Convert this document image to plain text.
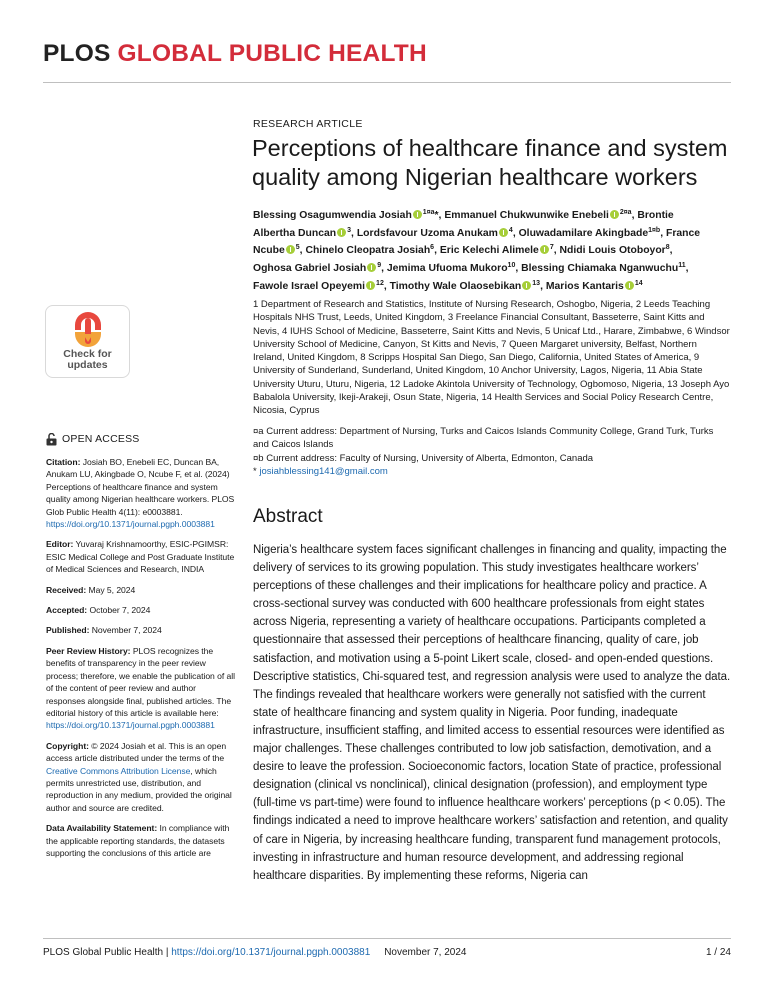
PLOS GLOBAL PUBLIC HEALTH
Check for
updates
OPEN ACCESS
Citation: Josiah BO, Enebeli EC, Duncan BA, Anukam LU, Akingbade O, Ncube F, et al. (2024) Perceptions of healthcare finance and system quality among Nigerian healthcare workers. PLOS Glob Public Health 4(11): e0003881. https://doi.org/10.1371/journal.pgph.0003881
Editor: Yuvaraj Krishnamoorthy, ESIC-PGIMSR: ESIC Medical College and Post Graduate Institute of Medical Sciences and Research, INDIA
Received: May 5, 2024
Accepted: October 7, 2024
Published: November 7, 2024
Peer Review History: PLOS recognizes the benefits of transparency in the peer review process; therefore, we enable the publication of all of the content of peer review and author responses alongside final, published articles. The editorial history of this article is available here: https://doi.org/10.1371/journal.pgph.0003881
Copyright: © 2024 Josiah et al. This is an open access article distributed under the terms of the Creative Commons Attribution License, which permits unrestricted use, distribution, and reproduction in any medium, provided the original author and source are credited.
Data Availability Statement: In compliance with the applicable reporting standards, the datasets supporting the conclusions of this article are
RESEARCH ARTICLE
Perceptions of healthcare finance and system quality among Nigerian healthcare workers
Blessing Osagumwendia Josiah $^{1¤a}$*, Emmanuel Chukwunwike Enebeli $^{2¤a}$, Brontie Albertha Duncan $^3$, Lordsfavour Uzoma Anukam $^4$, Oluwadamilare Akingbade$^{1¤b}$, France Ncube $^5$, Chinelo Cleopatra Josiah$^6$, Eric Kelechi Alimele $^7$, Ndidi Louis Otoboyor$^8$, Oghosa Gabriel Josiah $^9$, Jemima Ufuoma Mukoro$^{10}$, Blessing Chiamaka Nganwuchu$^{11}$, Fawole Israel Opeyemi $^{12}$, Timothy Wale Olaosebikan $^{13}$, Marios Kantaris $^{14}$
1 Department of Research and Statistics, Institute of Nursing Research, Oshogbo, Nigeria, 2 Leeds Teaching Hospitals NHS Trust, Leeds, United Kingdom, 3 Freelance Financial Consultant, Basseterre, Saint Kitts and Nevis, 4 IUHS School of Medicine, Basseterre, Saint Kitts and Nevis, 5 Unicaf Ltd., Harare, Zimbabwe, 6 Windsor University School of Medicine, Canyon, St Kitts and Nevis, 7 Queen Margaret university, Belfast, Northern Ireland, United Kingdom, 8 Scripps Hospital San Diego, San Diego, California, United States of America, 9 University of Sunderland, Sunderland, United Kingdom, 10 Anchor University, Lagos, Nigeria, 11 Abia State University Uturu, Uturu, Nigeria, 12 Ladoke Akintola University of Technology, Ogbomoso, Nigeria, 13 Joseph Ayo Babalola University, Ikeji-Arakeji, Osun State, Nigeria, 14 Health Services and Social Policy Research Centre, Nicosia, Cyprus
¤a Current address: Department of Nursing, Turks and Caicos Islands Community College, Grand Turk, Turks and Caicos Islands
¤b Current address: Faculty of Nursing, University of Alberta, Edmonton, Canada
* josiahblessing141@gmail.com
Abstract

Nigeria’s healthcare system faces significant challenges in financing and quality, impacting the delivery of services to its growing population. This study investigates healthcare workers’ perceptions of these challenges and their implications for healthcare policy and practice. A cross-sectional survey was conducted with 600 healthcare professionals from eight states across Nigeria, representing a variety of healthcare occupations. Participants completed a questionnaire that assessed their perceptions of healthcare financing, quality of care, job satisfaction, and motivation using a 5-point Likert scale, closed- and open-ended questions. Descriptive statistics, Chi-squared test, and regression analysis were used to analyze the data. The findings revealed that healthcare workers were generally not satisfied with the current state of healthcare financing and system quality in Nigeria. Poor funding, inadequate infrastructure, insufficient staffing, and limited access to essential resources were identified as major challenges. These challenges contributed to low job satisfaction, demotivation, and a desire to leave the profession. Socioeconomic factors, location State of practice, professional designation (clinical vs nonclinical), clinical designation (profession), and employment type (full-time vs part-time) were found to influence healthcare workers’ perceptions (p < 0.05). The findings indicated a need to improve healthcare workers’ satisfaction and retention, and quality of care in Nigeria, by increasing healthcare funding, transparent fund management protocols, investing in infrastructure and human resource development, and addressing regional healthcare disparities. By implementing these reforms, Nigeria can

PLOS Global Public Health |
https://doi.org/10.1371/journal.pgph.0003881
November 7, 2024	1 / 24
